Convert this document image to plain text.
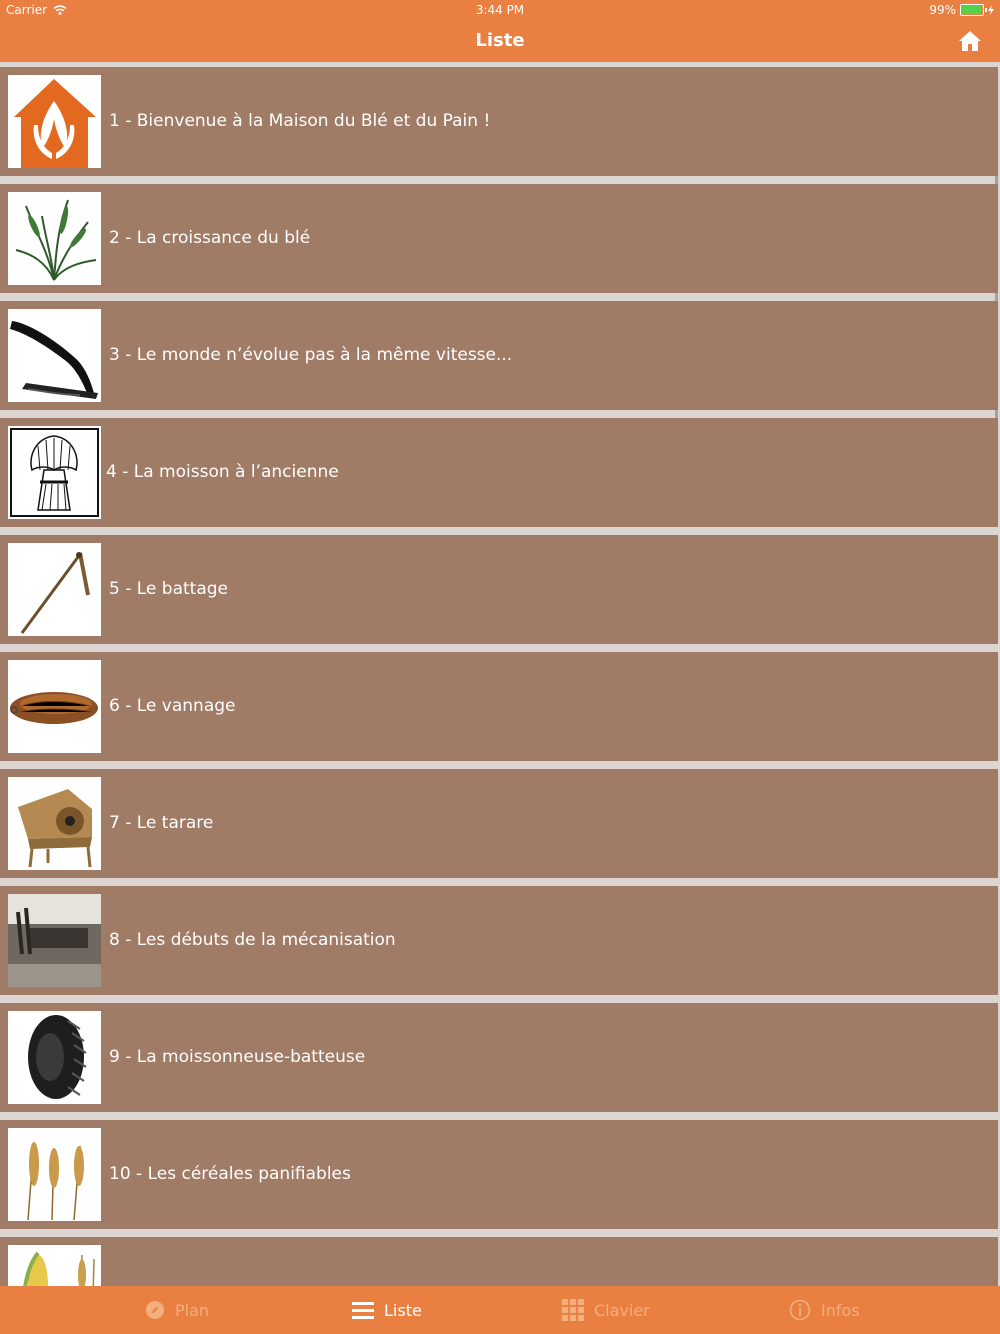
Carrier	3:44 PM	99%
Liste
1 - Bienvenue à la Maison du Blé et du Pain !
2 - La croissance du blé
3 - Le monde n’évolue pas à la même vitesse...
4 - La moisson à l’ancienne
5 - Le battage
6 - Le vannage
7 - Le tarare
8 - Les débuts de la mécanisation
9 - La moissonneuse-batteuse
10 - Les céréales panifiables
Plan	Liste	Clavier	Infos
